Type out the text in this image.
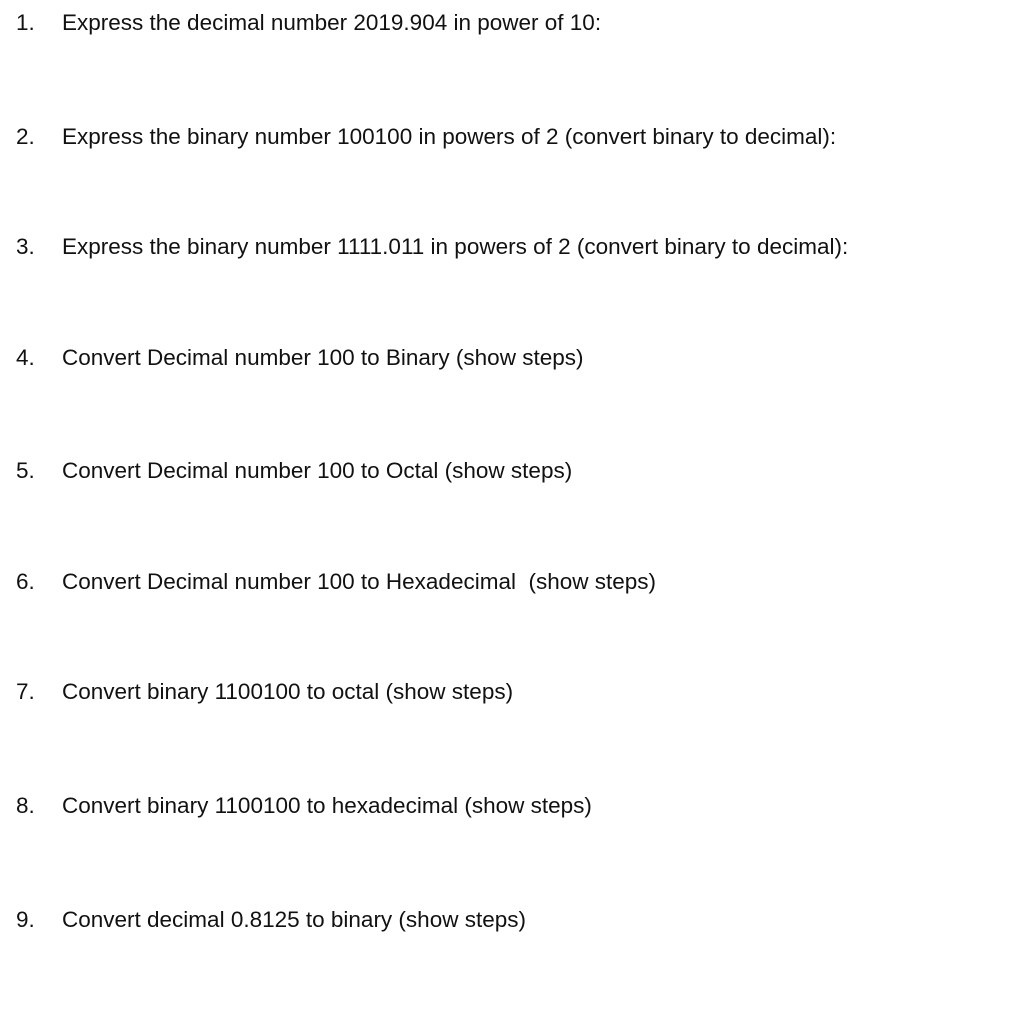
1. Express the decimal number 2019.904 in power of 10:
2. Express the binary number 100100 in powers of 2 (convert binary to decimal):
3. Express the binary number 1111.011 in powers of 2 (convert binary to decimal):
4. Convert Decimal number 100 to Binary (show steps)
5. Convert Decimal number 100 to Octal (show steps)
6. Convert Decimal number 100 to Hexadecimal  (show steps)
7. Convert binary 1100100 to octal (show steps)
8. Convert binary 1100100 to hexadecimal (show steps)
9. Convert decimal 0.8125 to binary (show steps)
